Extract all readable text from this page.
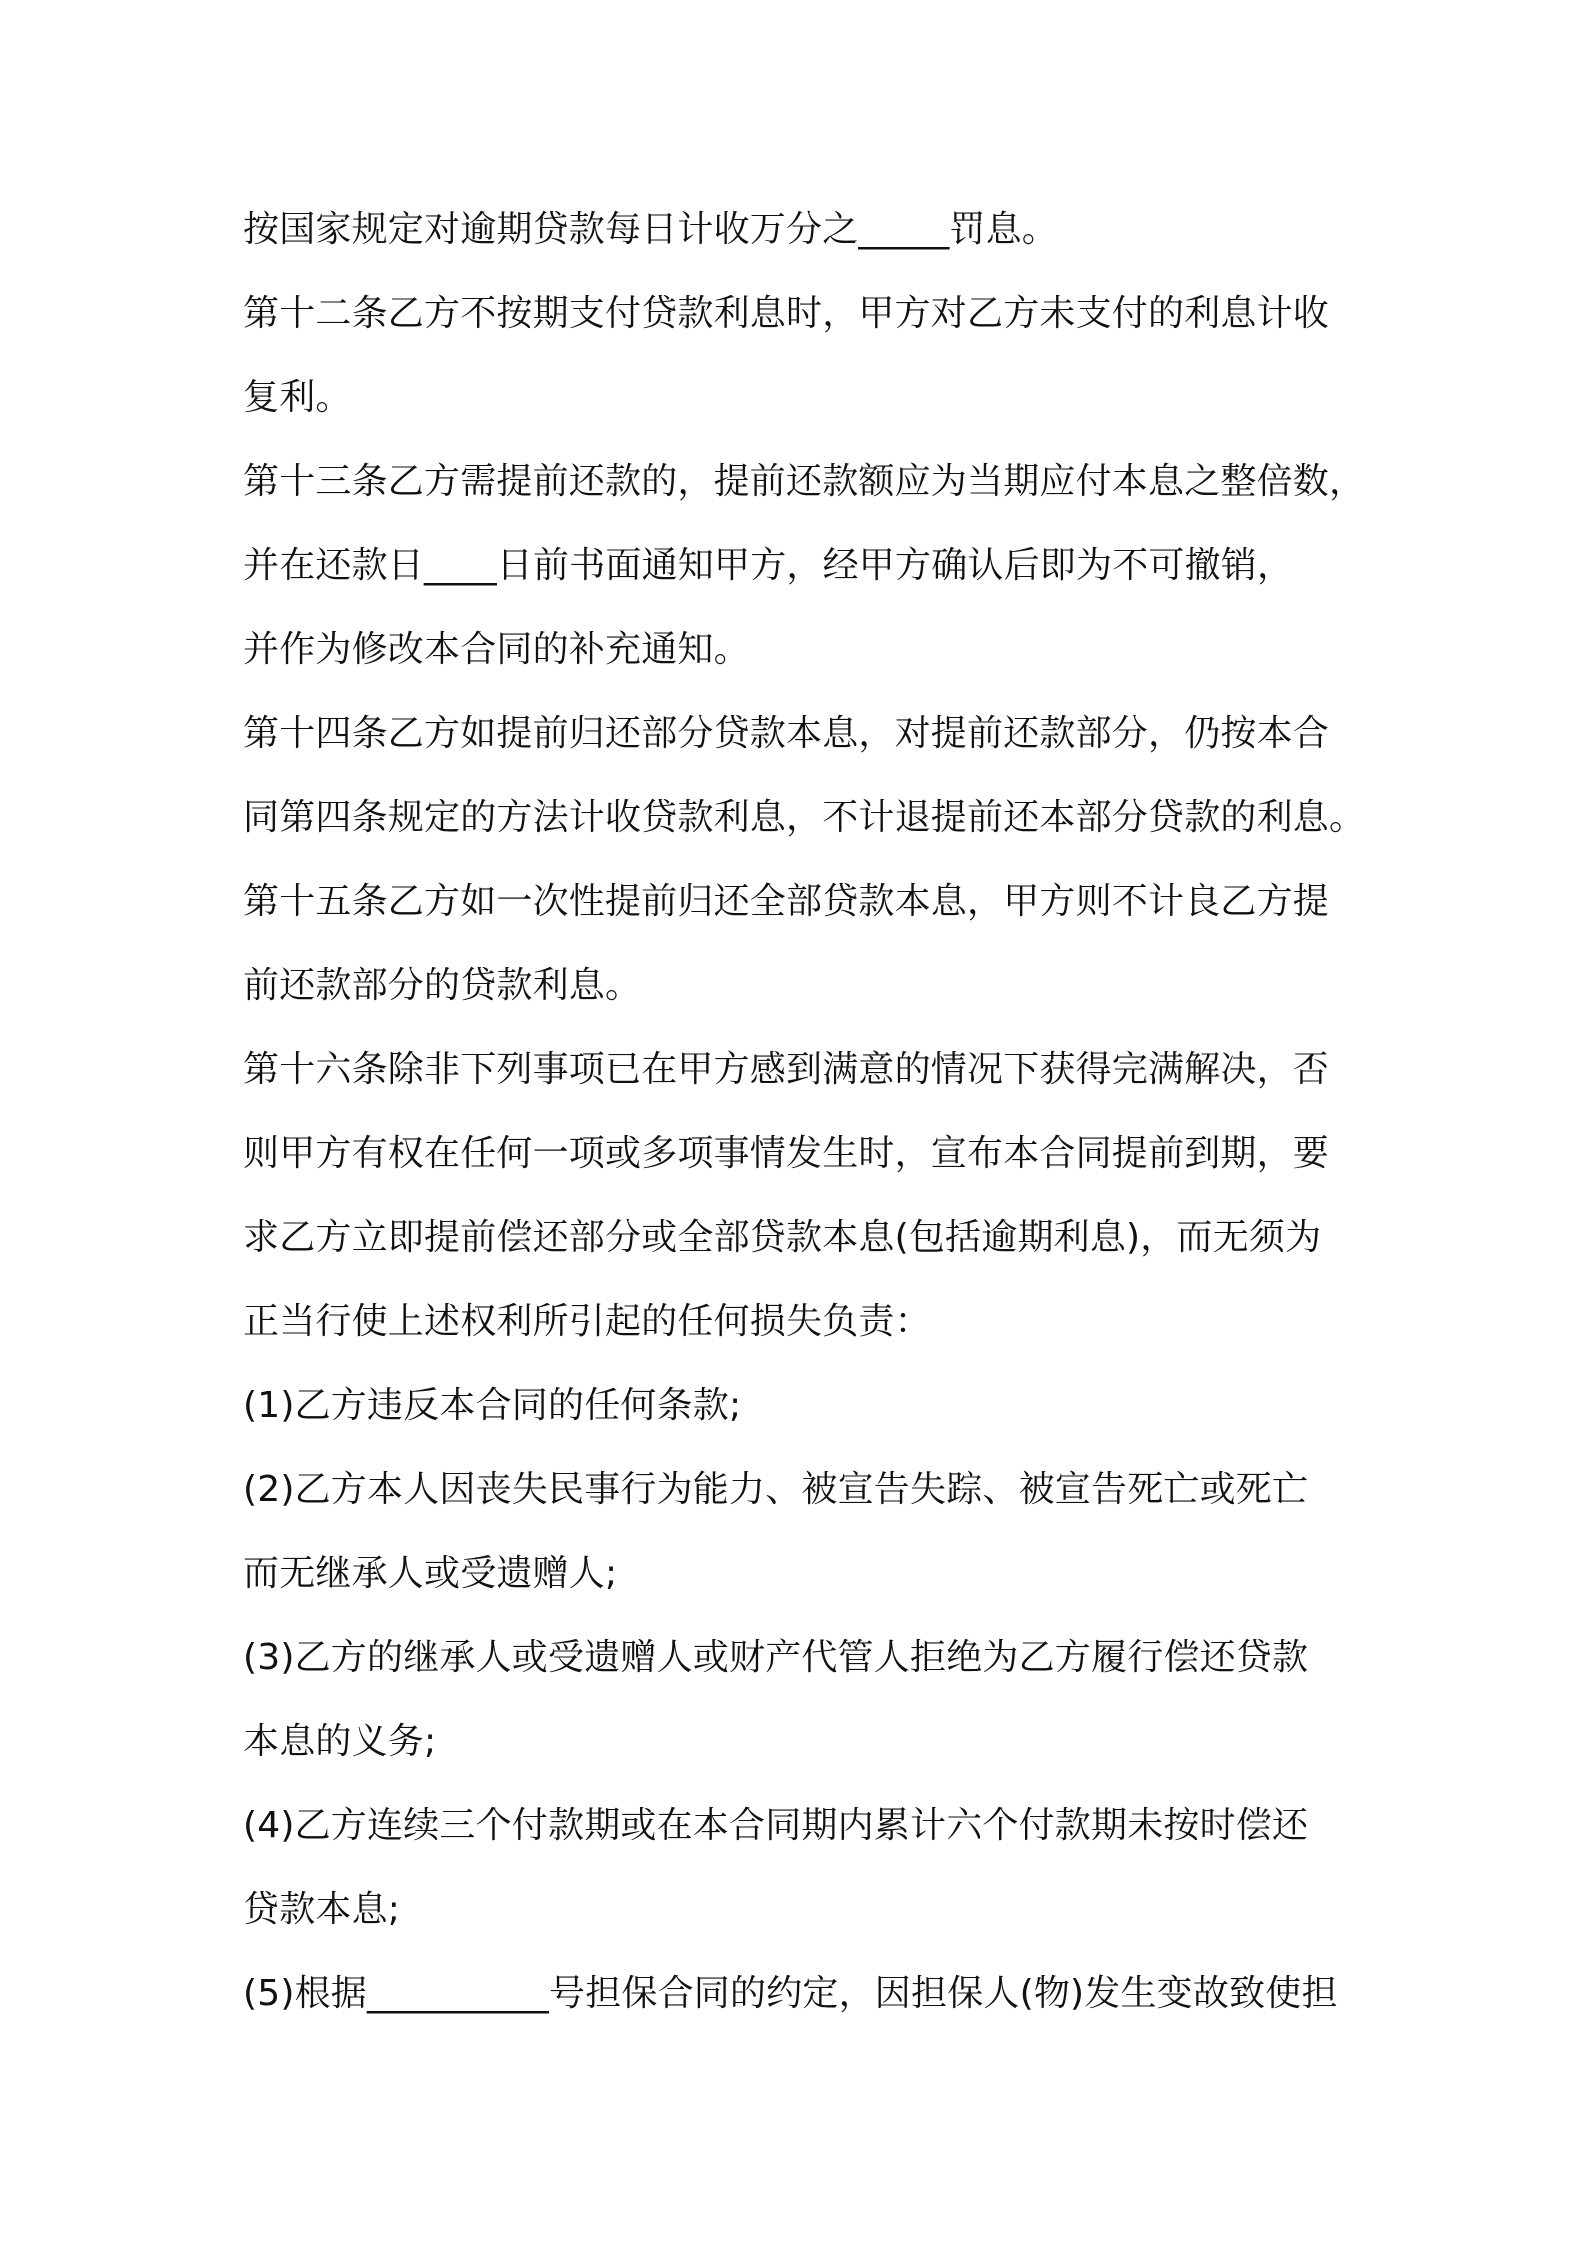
按国家规定对逾期贷款每日计收万分之_____罚息。
第十二条乙方不按期支付贷款利息时，甲方对乙方未支付的利息计收
复利。
第十三条乙方需提前还款的，提前还款额应为当期应付本息之整倍数，
并在还款日____日前书面通知甲方，经甲方确认后即为不可撤销，
并作为修改本合同的补充通知。
第十四条乙方如提前归还部分贷款本息，对提前还款部分，仍按本合
同第四条规定的方法计收贷款利息，不计退提前还本部分贷款的利息。
第十五条乙方如一次性提前归还全部贷款本息，甲方则不计良乙方提
前还款部分的贷款利息。
第十六条除非下列事项已在甲方感到满意的情况下获得完满解决，否
则甲方有权在任何一项或多项事情发生时，宣布本合同提前到期，要
求乙方立即提前偿还部分或全部贷款本息(包括逾期利息)，而无须为
正当行使上述权利所引起的任何损失负责：
(1)乙方违反本合同的任何条款;
(2)乙方本人因丧失民事行为能力、被宣告失踪、被宣告死亡或死亡
而无继承人或受遗赠人;
(3)乙方的继承人或受遗赠人或财产代管人拒绝为乙方履行偿还贷款
本息的义务;
(4)乙方连续三个付款期或在本合同期内累计六个付款期未按时偿还
贷款本息;
(5)根据__________号担保合同的约定，因担保人(物)发生变故致使担
